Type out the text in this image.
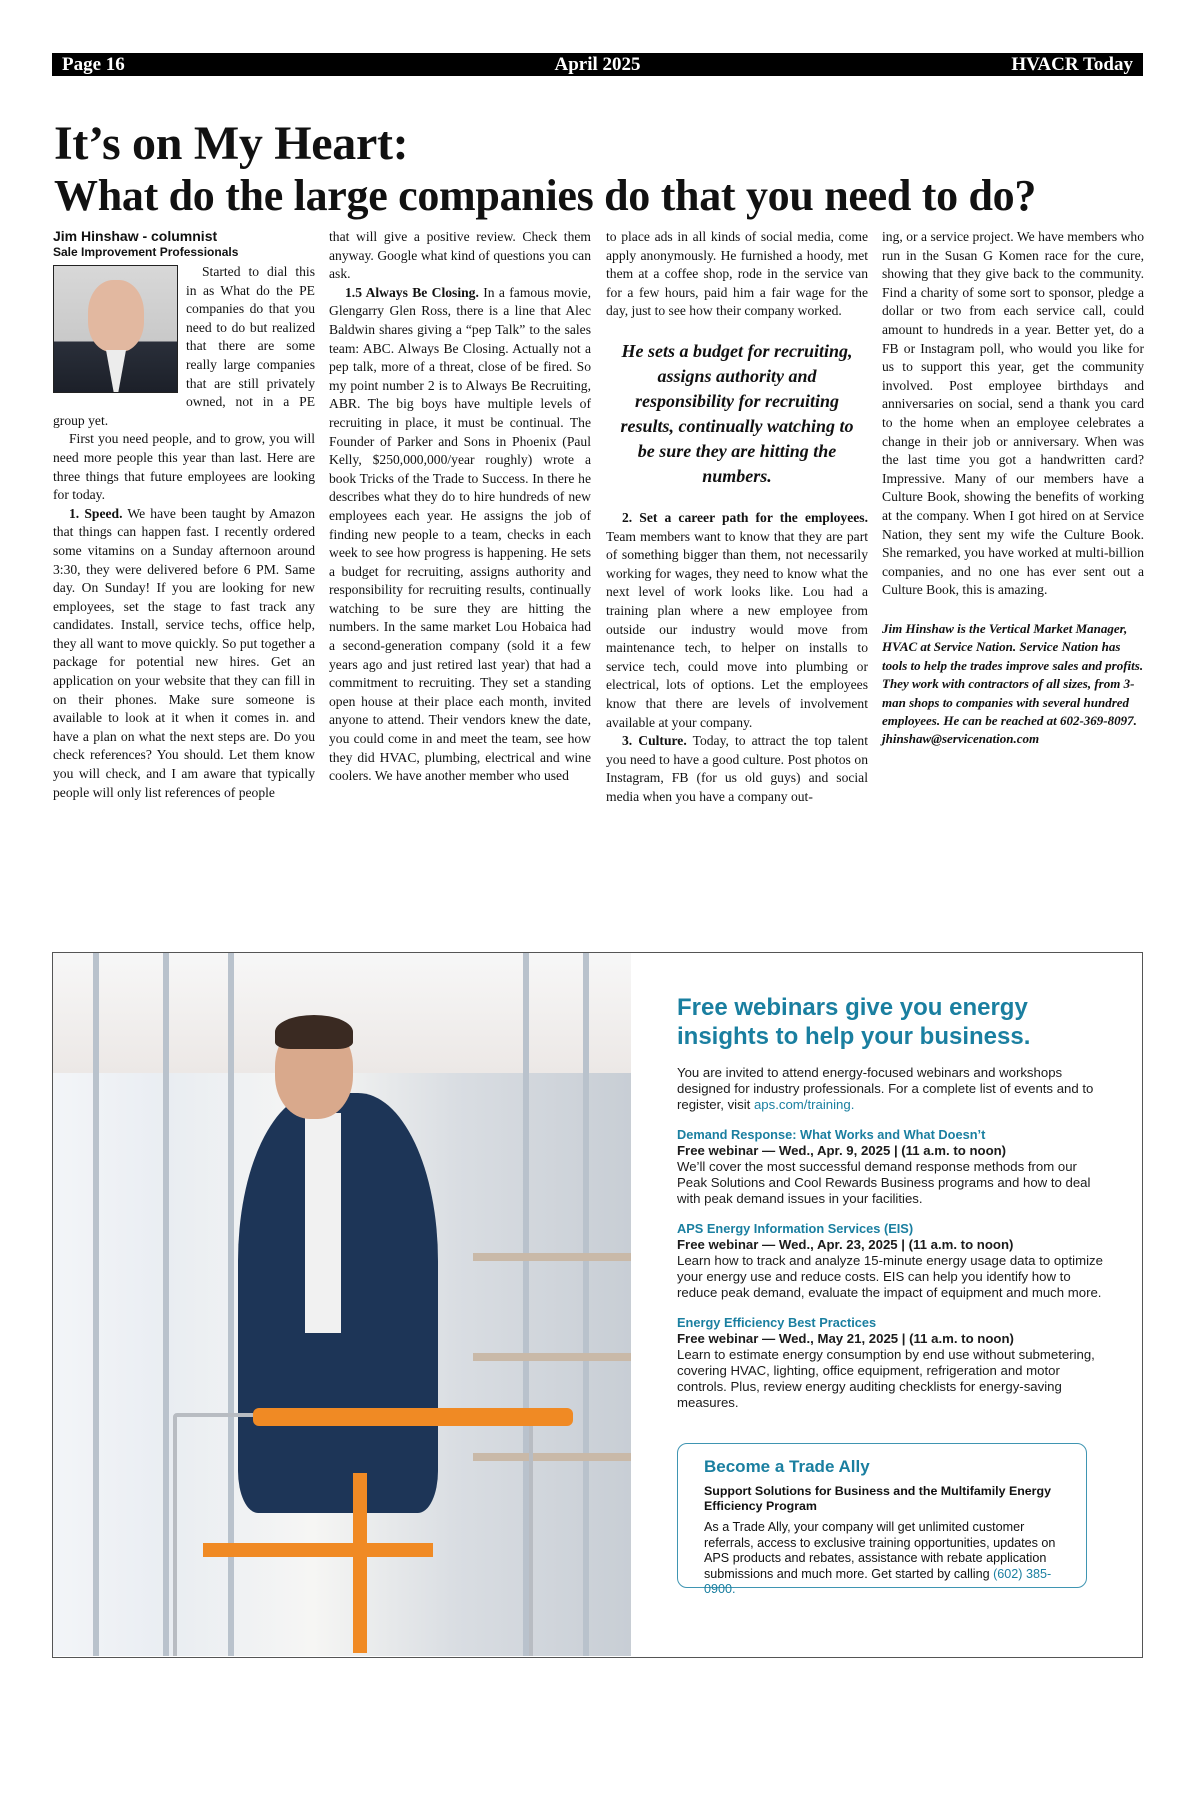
Page 16	April 2025	HVACR Today
It’s on My Heart:
What do the large companies do that you need to do?
Jim Hinshaw - columnist
Sale Improvement Professionals

Started to dial this in as What do the PE companies do that you need to do but realized that there are some really large companies that are still privately owned, not in a PE group yet.

First you need people, and to grow, you will need more people this year than last. Here are three things that future employees are looking for today.

1. Speed. We have been taught by Amazon that things can happen fast. I recently ordered some vitamins on a Sunday afternoon around 3:30, they were delivered before 6 PM. Same day. On Sunday! If you are looking for new employees, set the stage to fast track any candidates. Install, service techs, office help, they all want to move quickly. So put together a package for potential new hires. Get an application on your website that they can fill in on their phones. Make sure someone is available to look at it when it comes in. and have a plan on what the next steps are. Do you check references? You should. Let them know you will check, and I am aware that typically people will only list references of people

that will give a positive review. Check them anyway. Google what kind of questions you can ask.

1.5 Always Be Closing. In a famous movie, Glengarry Glen Ross, there is a line that Alec Baldwin shares giving a “pep Talk” to the sales team: ABC. Always Be Closing. Actually not a pep talk, more of a threat, close of be fired. So my point number 2 is to Always Be Recruiting, ABR. The big boys have multiple levels of recruiting in place, it must be continual. The Founder of Parker and Sons in Phoenix (Paul Kelly, $250,000,000/year roughly) wrote a book Tricks of the Trade to Success. In there he describes what they do to hire hundreds of new employees each year. He assigns the job of finding new people to a team, checks in each week to see how progress is happening. He sets a budget for recruiting, assigns authority and responsibility for recruiting results, continually watching to be sure they are hitting the numbers. In the same market Lou Hobaica had a second-generation company (sold it a few years ago and just retired last year) that had a commitment to recruiting. They set a standing open house at their place each month, invited anyone to attend. Their vendors knew the date, you could come in and meet the team, see how they did HVAC, plumbing, electrical and wine coolers. We have another member who used

to place ads in all kinds of social media, come apply anonymously. He furnished a hoody, met them at a coffee shop, rode in the service van for a few hours, paid him a fair wage for the day, just to see how their company worked.

He sets a budget for recruiting, assigns authority and responsibility for recruiting results, continually watching to be sure they are hitting the numbers.

2. Set a career path for the employees. Team members want to know that they are part of something bigger than them, not necessarily working for wages, they need to know what the next level of work looks like. Lou had a training plan where a new employee from outside our industry would move from maintenance tech, to helper on installs to service tech, could move into plumbing or electrical, lots of options. Let the employees know that there are levels of involvement available at your company.

3. Culture. Today, to attract the top talent you need to have a good culture. Post photos on Instagram, FB (for us old guys) and social media when you have a company out-

ing, or a service project. We have members who run in the Susan G Komen race for the cure, showing that they give back to the community. Find a charity of some sort to sponsor, pledge a dollar or two from each service call, could amount to hundreds in a year. Better yet, do a FB or Instagram poll, who would you like for us to support this year, get the community involved. Post employee birthdays and anniversaries on social, send a thank you card to the home when an employee celebrates a change in their job or anniversary. When was the last time you got a handwritten card? Impressive. Many of our members have a Culture Book, showing the benefits of working at the company. When I got hired on at Service Nation, they sent my wife the Culture Book. She remarked, you have worked at multi-billion companies, and no one has ever sent out a Culture Book, this is amazing.

Jim Hinshaw is the Vertical Market Manager, HVAC at Service Nation. Service Nation has tools to help the trades improve sales and profits. They work with contractors of all sizes, from 3-man shops to companies with several hundred employees. He can be reached at 602-369-8097. jhinshaw@servicenation.com
Free webinars give you energy insights to help your business.
You are invited to attend energy-focused webinars and workshops designed for industry professionals. For a complete list of events and to register, visit aps.com/training.
Demand Response: What Works and What Doesn’t
Free webinar — Wed., Apr. 9, 2025 | (11 a.m. to noon)
We’ll cover the most successful demand response methods from our Peak Solutions and Cool Rewards Business programs and how to deal with peak demand issues in your facilities.
APS Energy Information Services (EIS)
Free webinar — Wed., Apr. 23, 2025 | (11 a.m. to noon)
Learn how to track and analyze 15-minute energy usage data to optimize your energy use and reduce costs. EIS can help you identify how to reduce peak demand, evaluate the impact of equipment and much more.
Energy Efficiency Best Practices
Free webinar — Wed., May 21, 2025 | (11 a.m. to noon)
Learn to estimate energy consumption by end use without submetering, covering HVAC, lighting, office equipment, refrigeration and motor controls. Plus, review energy auditing checklists for energy-saving measures.
Become a Trade Ally
Support Solutions for Business and the Multifamily Energy Efficiency Program
As a Trade Ally, your company will get unlimited customer referrals, access to exclusive training opportunities, updates on APS products and rebates, assistance with rebate application submissions and much more. Get started by calling (602) 385-0900.
aps Solutions
for Business
